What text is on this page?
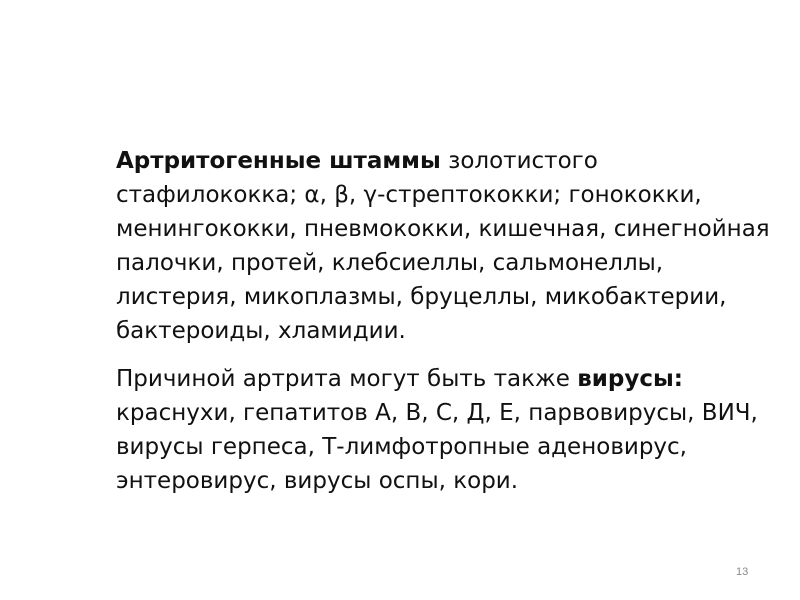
Артритогенные штаммы золотистого стафилококка; α, β, γ-стрептококки; гонококки, менингококки, пневмококки, кишечная, синегнойная палочки, протей, клебсиеллы, сальмонеллы, листерия, микоплазмы, бруцеллы, микобактерии, бактероиды, хламидии.

Причиной артрита могут быть также вирусы: краснухи, гепатитов А, В, С, Д, Е, парвовирусы, ВИЧ, вирусы герпеса, Т-лимфотропные аденовирус, энтеровирус, вирусы оспы, кори.

13
